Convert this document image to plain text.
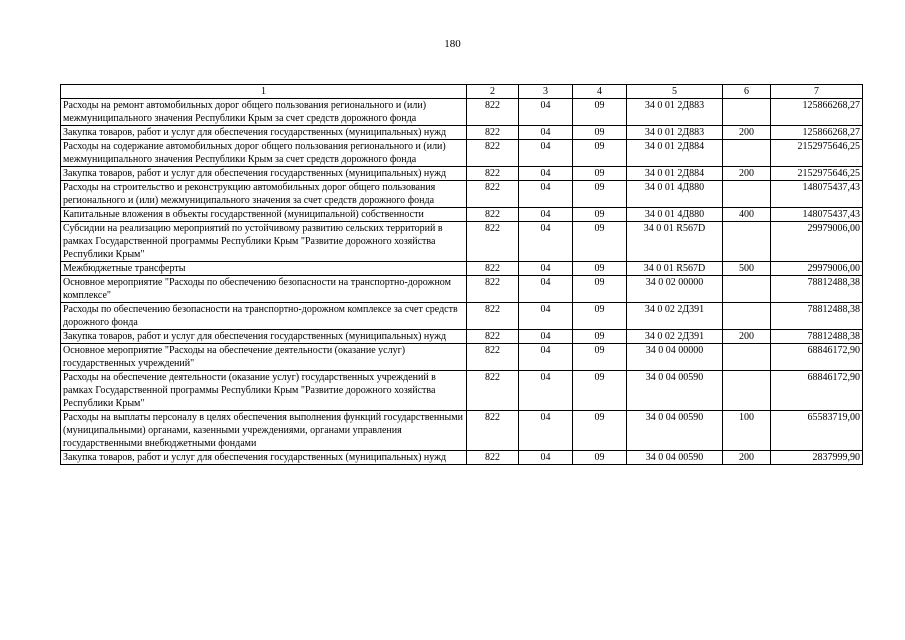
180
1	2	3	4	5	6	7
Расходы на ремонт автомобильных дорог общего пользования регионального и (или) межмуниципального значения Республики Крым за счет средств дорожного фонда	822	04	09	34 0 01 2Д883		125866268,27
Закупка товаров, работ и услуг для обеспечения государственных (муниципальных) нужд	822	04	09	34 0 01 2Д883	200	125866268,27
Расходы на содержание автомобильных дорог общего пользования регионального и (или) межмуниципального значения Республики Крым за счет средств дорожного фонда	822	04	09	34 0 01 2Д884		2152975646,25
Закупка товаров, работ и услуг для обеспечения государственных (муниципальных) нужд	822	04	09	34 0 01 2Д884	200	2152975646,25
Расходы на строительство и реконструкцию автомобильных дорог общего пользования регионального и (или) межмуниципального значения за счет средств дорожного фонда	822	04	09	34 0 01 4Д880		148075437,43
Капитальные вложения в объекты государственной (муниципальной) собственности	822	04	09	34 0 01 4Д880	400	148075437,43
Субсидии на реализацию мероприятий по устойчивому развитию сельских территорий в рамках Государственной программы Республики Крым "Развитие дорожного хозяйства Республики Крым"	822	04	09	34 0 01 R567D		29979006,00
Межбюджетные трансферты	822	04	09	34 0 01 R567D	500	29979006,00
Основное мероприятие "Расходы по обеспечению безопасности на транспортно-дорожном комплексе"	822	04	09	34 0 02 00000		78812488,38
Расходы по обеспечению безопасности на транспортно-дорожном комплексе за счет средств дорожного фонда	822	04	09	34 0 02 2Д391		78812488,38
Закупка товаров, работ и услуг для обеспечения государственных (муниципальных) нужд	822	04	09	34 0 02 2Д391	200	78812488,38
Основное мероприятие "Расходы на обеспечение деятельности (оказание услуг) государственных учреждений"	822	04	09	34 0 04 00000		68846172,90
Расходы на обеспечение деятельности (оказание услуг) государственных учреждений в рамках Государственной программы Республики Крым "Развитие дорожного хозяйства Республики Крым"	822	04	09	34 0 04 00590		68846172,90
Расходы на выплаты персоналу в целях обеспечения выполнения функций государственными (муниципальными) органами, казенными учреждениями, органами управления государственными внебюджетными фондами	822	04	09	34 0 04 00590	100	65583719,00
Закупка товаров, работ и услуг для обеспечения государственных (муниципальных) нужд	822	04	09	34 0 04 00590	200	2837999,90
